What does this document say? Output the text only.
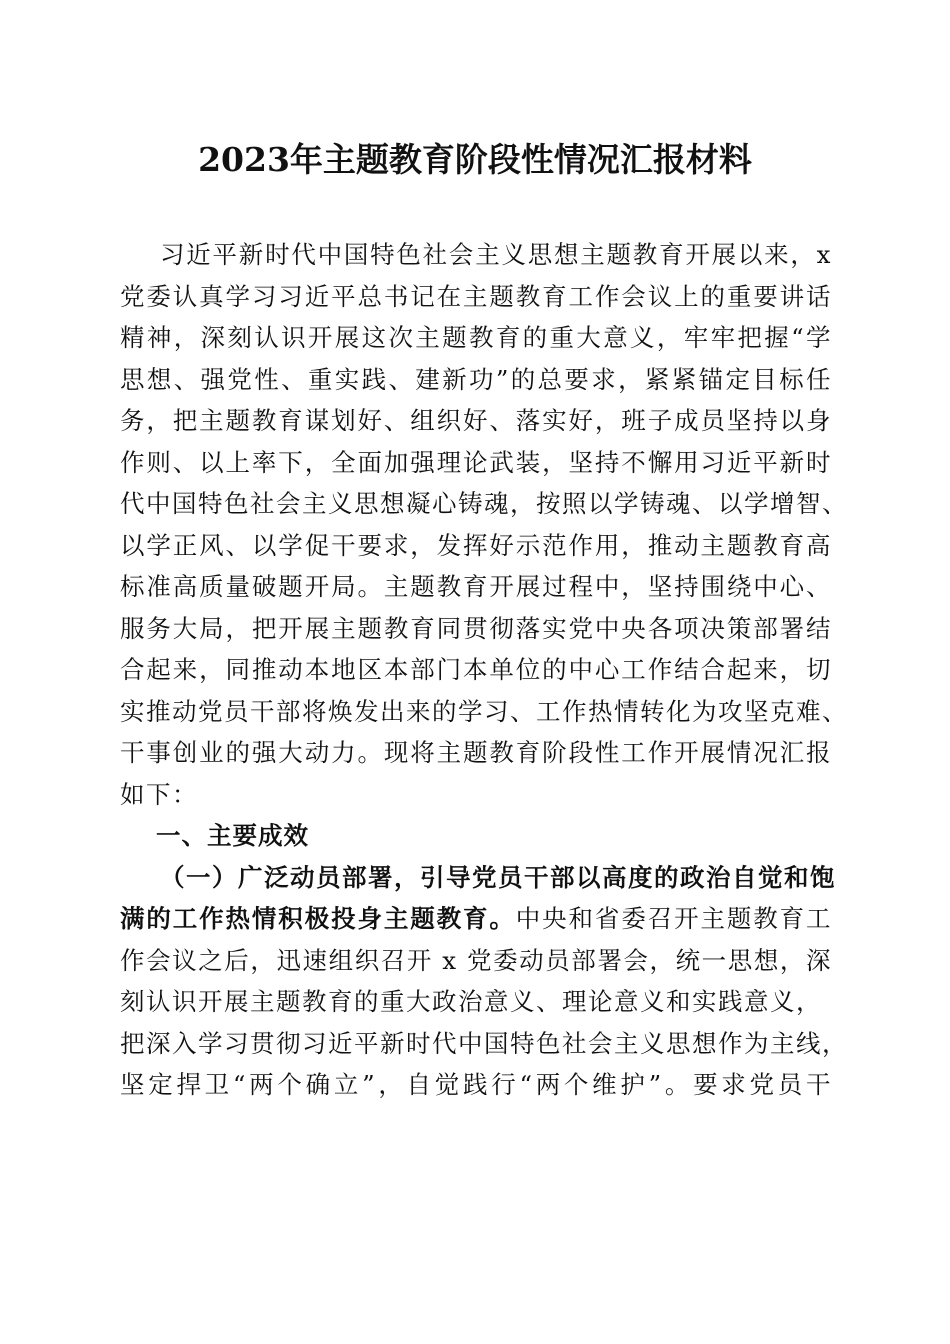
2023年主题教育阶段性情况汇报材料
习近平新时代中国特色社会主义思想主题教育开展以来，x
党委认真学习习近平总书记在主题教育工作会议上的重要讲话
精神，深刻认识开展这次主题教育的重大意义，牢牢把握“学
思想、强党性、重实践、建新功”的总要求，紧紧锚定目标任
务，把主题教育谋划好、组织好、落实好，班子成员坚持以身
作则、以上率下，全面加强理论武装，坚持不懈用习近平新时
代中国特色社会主义思想凝心铸魂，按照以学铸魂、以学增智、
以学正风、以学促干要求，发挥好示范作用，推动主题教育高
标准高质量破题开局。主题教育开展过程中，坚持围绕中心、
服务大局，把开展主题教育同贯彻落实党中央各项决策部署结
合起来，同推动本地区本部门本单位的中心工作结合起来，切
实推动党员干部将焕发出来的学习、工作热情转化为攻坚克难、
干事创业的强大动力。现将主题教育阶段性工作开展情况汇报
如下：
一、主要成效
（一）广泛动员部署，引导党员干部以高度的政治自觉和饱
满的工作热情积极投身主题教育。中央和省委召开主题教育工
作会议之后，迅速组织召开 x 党委动员部署会，统一思想，深
刻认识开展主题教育的重大政治意义、理论意义和实践意义，
把深入学习贯彻习近平新时代中国特色社会主义思想作为主线，
坚定捍卫“两个确立”，自觉践行“两个维护”。要求党员干
